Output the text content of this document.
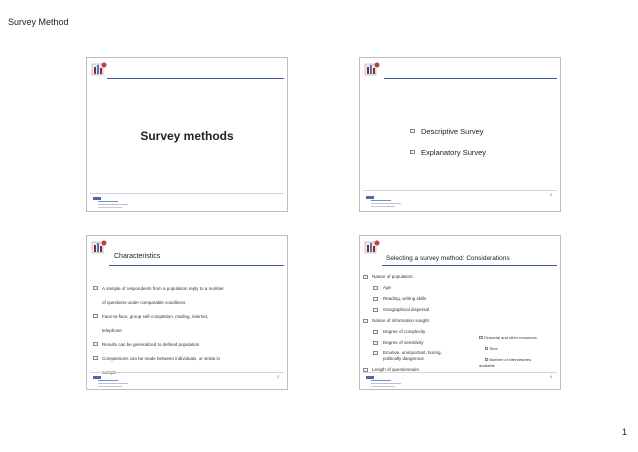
Survey Method
Survey methods	Descriptive Survey
Explanatory Survey
2
Characteristics
A sample of respondents from a population reply to a number
of questions under comparable conditions
Face-to-face, group self-completion, mailing, internet,
telephone
Results can be generalized to defined population
Comparisons can be made between individuals, or strata in
3
Selecting a survey method: Considerations
Nature of population:
Age
Reading, writing skills
Geographical dispersal
Nature of information sought
Degree of complexity
Degree of sensitivity
Emotive, unimportant, boring,
politically dangerous
Length of questionnaire
Financial and other resources
Time
Number of interviewees
available
4
1
